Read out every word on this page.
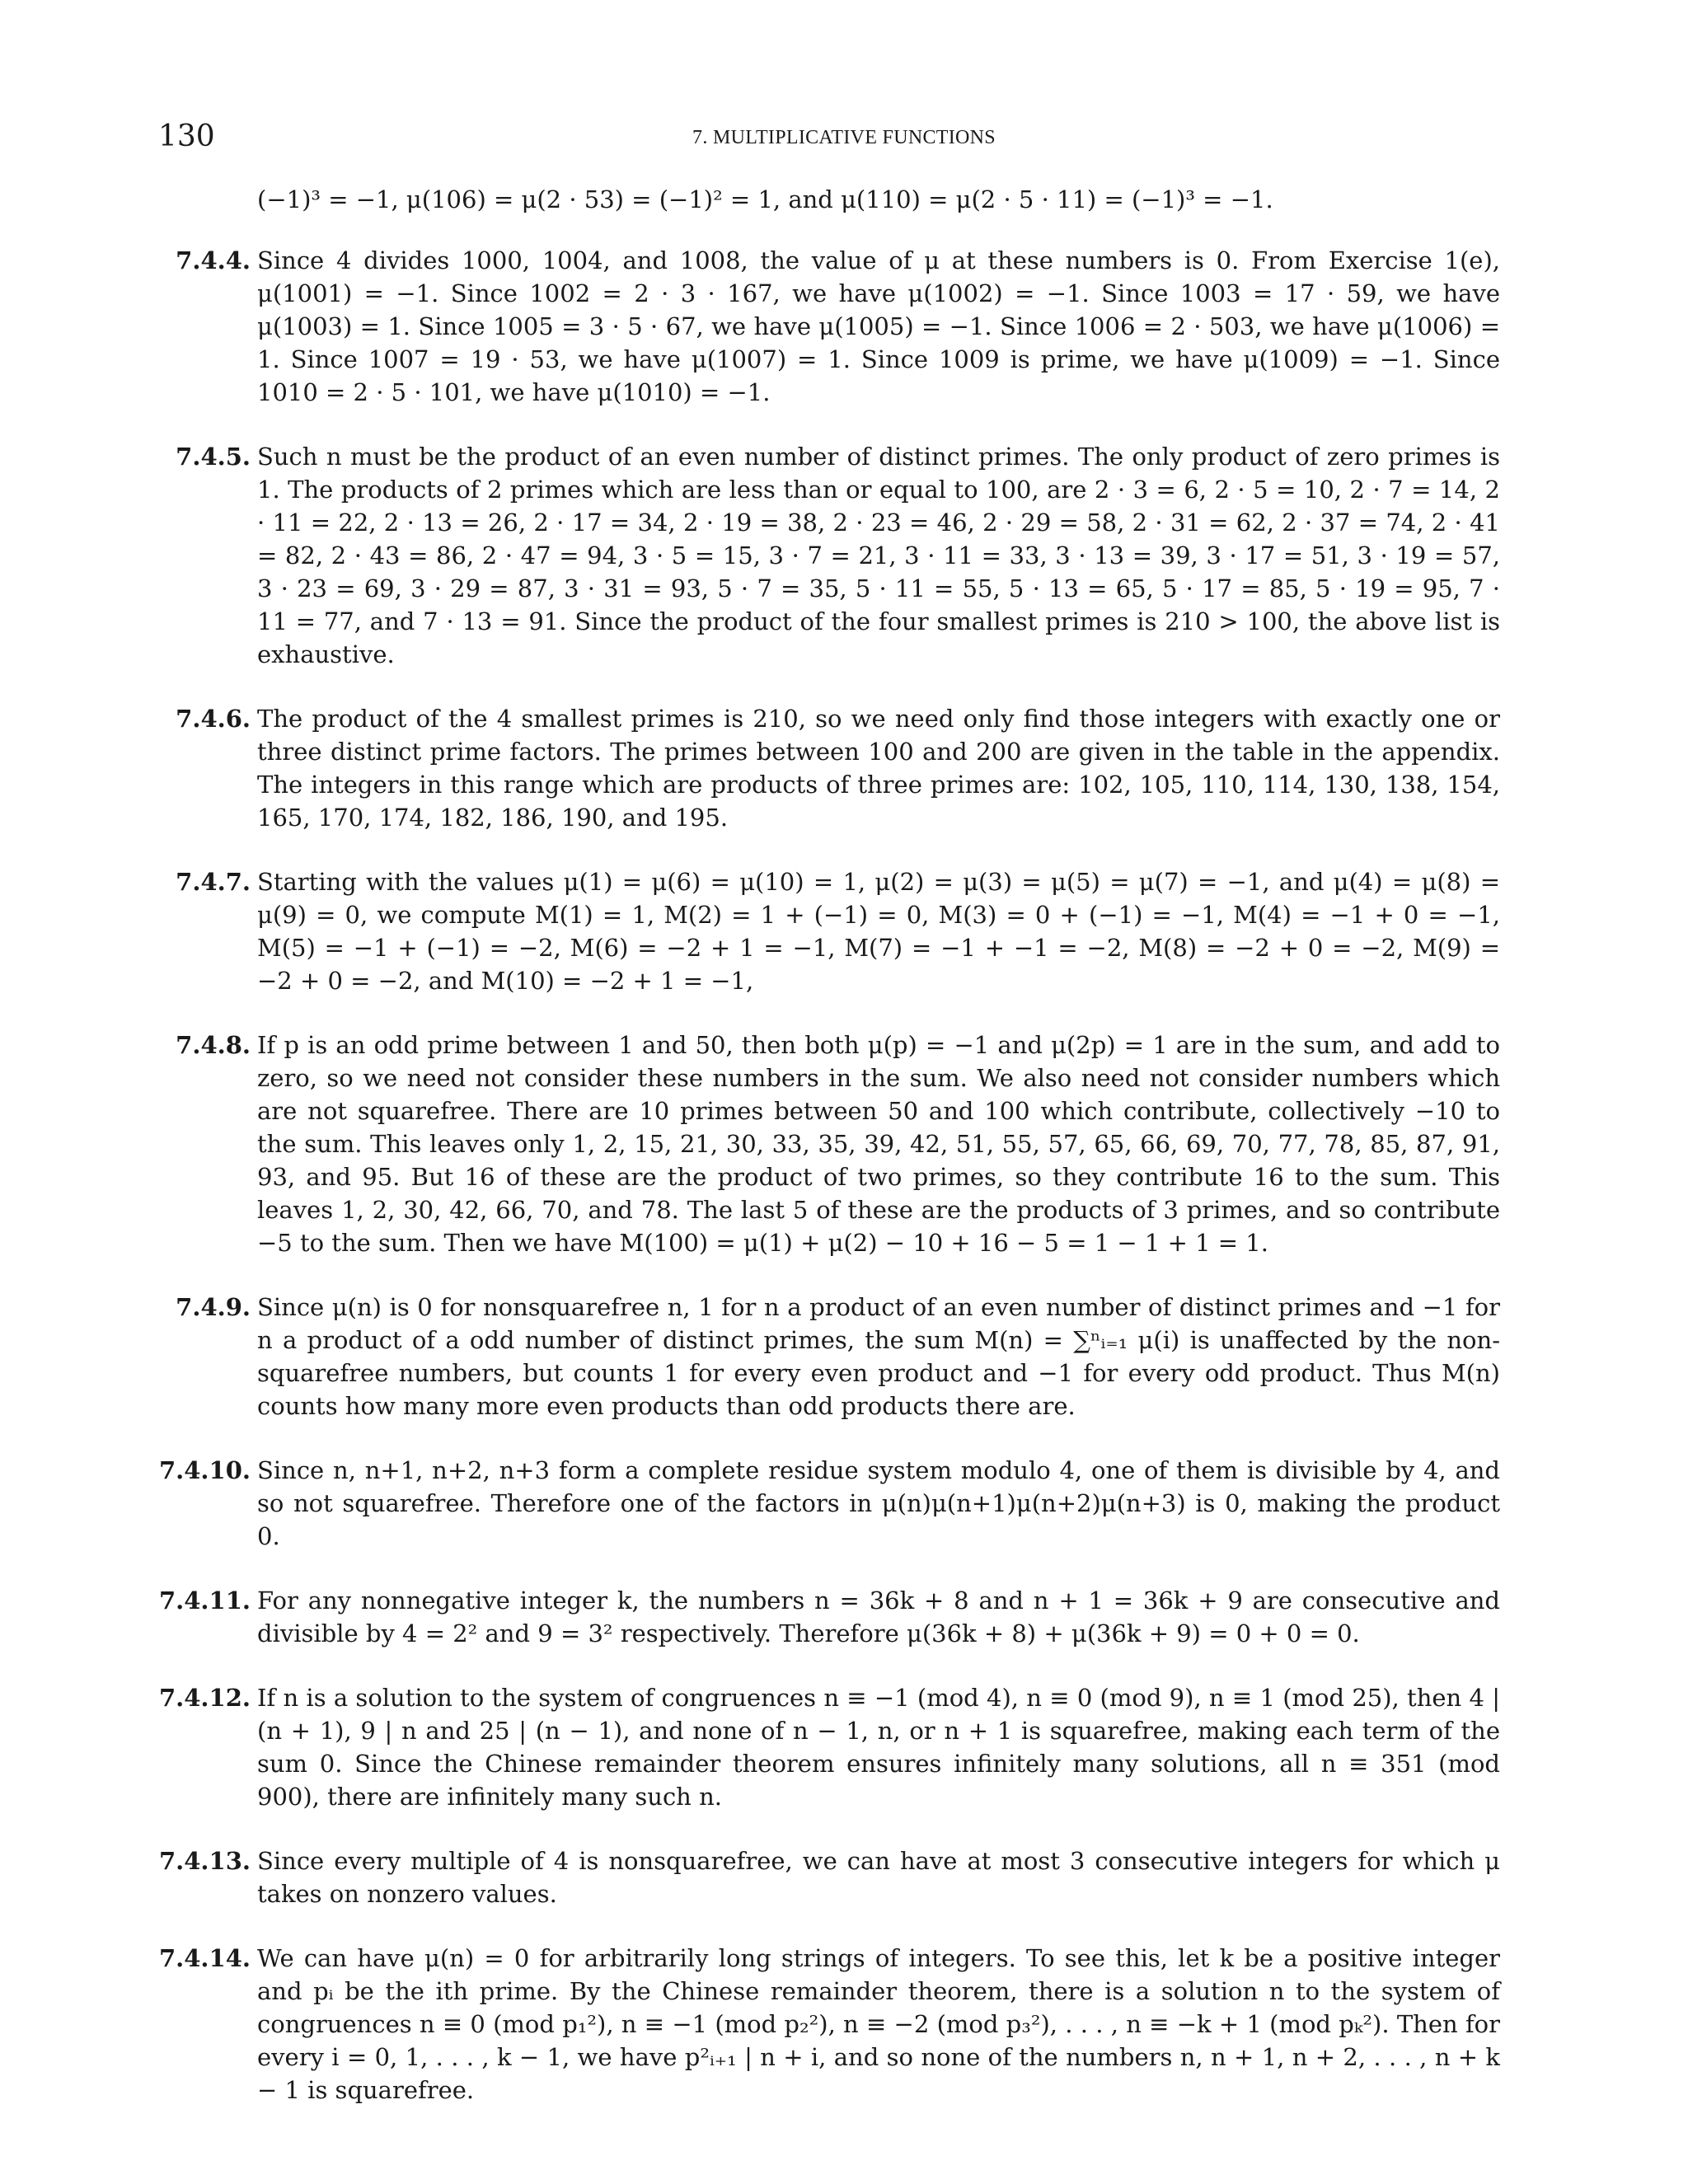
130	7. MULTIPLICATIVE FUNCTIONS

(−1)³ = −1, μ(106) = μ(2 · 53) = (−1)² = 1, and μ(110) = μ(2 · 5 · 11) = (−1)³ = −1.

7.4.4. Since 4 divides 1000, 1004, and 1008, the value of μ at these numbers is 0. From Exercise 1(e), μ(1001) = −1. Since 1002 = 2 · 3 · 167, we have μ(1002) = −1. Since 1003 = 17 · 59, we have μ(1003) = 1. Since 1005 = 3 · 5 · 67, we have μ(1005) = −1. Since 1006 = 2 · 503, we have μ(1006) = 1. Since 1007 = 19 · 53, we have μ(1007) = 1. Since 1009 is prime, we have μ(1009) = −1. Since 1010 = 2 · 5 · 101, we have μ(1010) = −1.
7.4.5. Such n must be the product of an even number of distinct primes. The only product of zero primes is 1. The products of 2 primes which are less than or equal to 100, are 2 · 3 = 6, 2 · 5 = 10, 2 · 7 = 14, 2 · 11 = 22, 2 · 13 = 26, 2 · 17 = 34, 2 · 19 = 38, 2 · 23 = 46, 2 · 29 = 58, 2 · 31 = 62, 2 · 37 = 74, 2 · 41 = 82, 2 · 43 = 86, 2 · 47 = 94, 3 · 5 = 15, 3 · 7 = 21, 3 · 11 = 33, 3 · 13 = 39, 3 · 17 = 51, 3 · 19 = 57, 3 · 23 = 69, 3 · 29 = 87, 3 · 31 = 93, 5 · 7 = 35, 5 · 11 = 55, 5 · 13 = 65, 5 · 17 = 85, 5 · 19 = 95, 7 · 11 = 77, and 7 · 13 = 91. Since the product of the four smallest primes is 210 > 100, the above list is exhaustive.
7.4.6. The product of the 4 smallest primes is 210, so we need only find those integers with exactly one or three distinct prime factors. The primes between 100 and 200 are given in the table in the appendix. The integers in this range which are products of three primes are: 102, 105, 110, 114, 130, 138, 154, 165, 170, 174, 182, 186, 190, and 195.
7.4.7. Starting with the values μ(1) = μ(6) = μ(10) = 1, μ(2) = μ(3) = μ(5) = μ(7) = −1, and μ(4) = μ(8) = μ(9) = 0, we compute M(1) = 1, M(2) = 1 + (−1) = 0, M(3) = 0 + (−1) = −1, M(4) = −1 + 0 = −1, M(5) = −1 + (−1) = −2, M(6) = −2 + 1 = −1, M(7) = −1 + −1 = −2, M(8) = −2 + 0 = −2, M(9) = −2 + 0 = −2, and M(10) = −2 + 1 = −1,
7.4.8. If p is an odd prime between 1 and 50, then both μ(p) = −1 and μ(2p) = 1 are in the sum, and add to zero, so we need not consider these numbers in the sum. We also need not consider numbers which are not squarefree. There are 10 primes between 50 and 100 which contribute, collectively −10 to the sum. This leaves only 1, 2, 15, 21, 30, 33, 35, 39, 42, 51, 55, 57, 65, 66, 69, 70, 77, 78, 85, 87, 91, 93, and 95. But 16 of these are the product of two primes, so they contribute 16 to the sum. This leaves 1, 2, 30, 42, 66, 70, and 78. The last 5 of these are the products of 3 primes, and so contribute −5 to the sum. Then we have M(100) = μ(1) + μ(2) − 10 + 16 − 5 = 1 − 1 + 1 = 1.
7.4.9. Since μ(n) is 0 for nonsquarefree n, 1 for n a product of an even number of distinct primes and −1 for n a product of a odd number of distinct primes, the sum M(n) = ∑ⁿᵢ₌₁ μ(i) is unaffected by the non-squarefree numbers, but counts 1 for every even product and −1 for every odd product. Thus M(n) counts how many more even products than odd products there are.
7.4.10. Since n, n+1, n+2, n+3 form a complete residue system modulo 4, one of them is divisible by 4, and so not squarefree. Therefore one of the factors in μ(n)μ(n+1)μ(n+2)μ(n+3) is 0, making the product 0.
7.4.11. For any nonnegative integer k, the numbers n = 36k + 8 and n + 1 = 36k + 9 are consecutive and divisible by 4 = 2² and 9 = 3² respectively. Therefore μ(36k + 8) + μ(36k + 9) = 0 + 0 = 0.
7.4.12. If n is a solution to the system of congruences n ≡ −1 (mod 4), n ≡ 0 (mod 9), n ≡ 1 (mod 25), then 4 | (n + 1), 9 | n and 25 | (n − 1), and none of n − 1, n, or n + 1 is squarefree, making each term of the sum 0. Since the Chinese remainder theorem ensures infinitely many solutions, all n ≡ 351 (mod 900), there are infinitely many such n.
7.4.13. Since every multiple of 4 is nonsquarefree, we can have at most 3 consecutive integers for which μ takes on nonzero values.
7.4.14. We can have μ(n) = 0 for arbitrarily long strings of integers. To see this, let k be a positive integer and pᵢ be the ith prime. By the Chinese remainder theorem, there is a solution n to the system of congruences n ≡ 0 (mod p₁²), n ≡ −1 (mod p₂²), n ≡ −2 (mod p₃²), . . . , n ≡ −k + 1 (mod pₖ²). Then for every i = 0, 1, . . . , k − 1, we have p²ᵢ₊₁ | n + i, and so none of the numbers n, n + 1, n + 2, . . . , n + k − 1 is squarefree.
